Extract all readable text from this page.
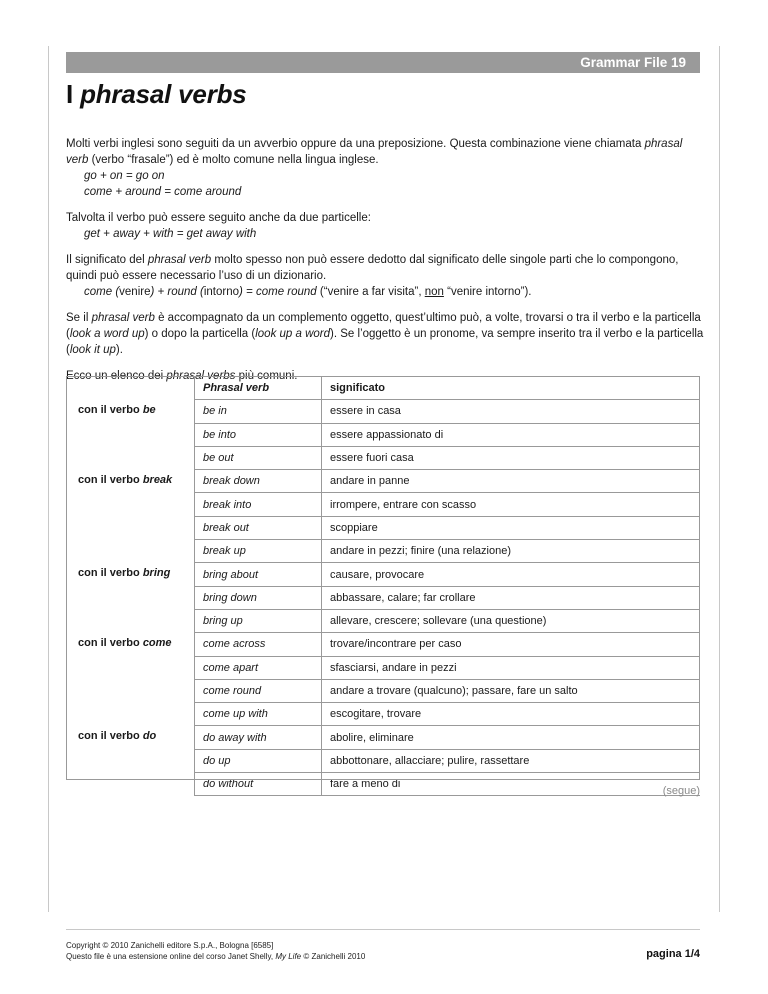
Grammar File 19
I phrasal verbs

Molti verbi inglesi sono seguiti da un avverbio oppure da una preposizione. Questa combinazione viene chiamata phrasal verb (verbo “frasale”) ed è molto comune nella lingua inglese.
go + on = go on
come + around = come around

Talvolta il verbo può essere seguito anche da due particelle:
get + away + with = get away with

Il significato del phrasal verb molto spesso non può essere dedotto dal significato delle singole parti che lo compongono, quindi può essere necessario l’uso di un dizionario.
come (venire) + round (intorno) = come round (“venire a far visita”, non “venire intorno”).

Se il phrasal verb è accompagnato da un complemento oggetto, quest’ultimo può, a volte, trovarsi o tra il verbo e la particella (look a word up) o dopo la particella (look up a word). Se l’oggetto è un pronome, va sempre inserito tra il verbo e la particella (look it up).

Ecco un elenco dei phrasal verbs più comuni.

	Phrasal verb	significato
con il verbo be	be in	essere in casa
	be into	essere appassionato di
	be out	essere fuori casa
con il verbo break	break down	andare in panne
	break into	irrompere, entrare con scasso
	break out	scoppiare
	break up	andare in pezzi; finire (una relazione)
con il verbo bring	bring about	causare, provocare
	bring down	abbassare, calare; far crollare
	bring up	allevare, crescere; sollevare (una questione)
con il verbo come	come across	trovare/incontrare per caso
	come apart	sfasciarsi, andare in pezzi
	come round	andare a trovare (qualcuno); passare, fare un salto
	come up with	escogitare, trovare
con il verbo do	do away with	abolire, eliminare
	do up	abbottonare, allacciare; pulire, rassettare
	do without	fare a meno di
(segue)
Copyright © 2010 Zanichelli editore S.p.A., Bologna [6585]
Questo file è una estensione online del corso Janet Shelly, My Life © Zanichelli 2010	pagina 1/4
